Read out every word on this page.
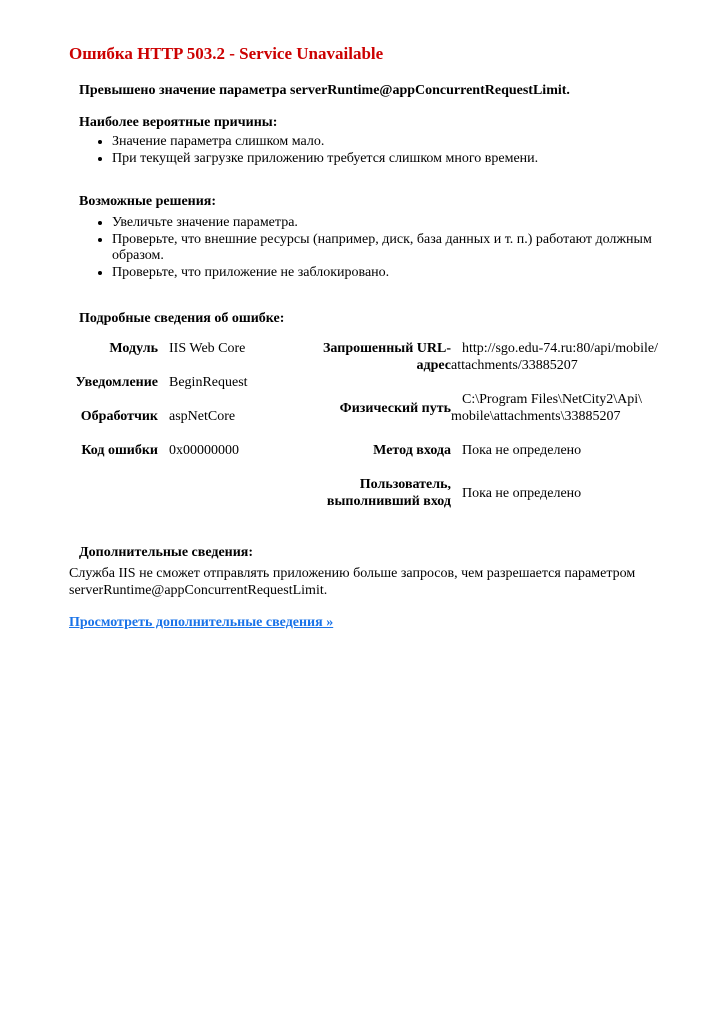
Ошибка HTTP 503.2 - Service Unavailable

Превышено значение параметра serverRuntime@appConcurrentRequestLimit.

Наиболее вероятные причины:

• Значение параметра слишком мало.
• При текущей загрузке приложению требуется слишком много времени.

Возможные решения:

• Увеличьте значение параметра.
• Проверьте, что внешние ресурсы (например, диск, база данных и т. п.) работают должным образом.
• Проверьте, что приложение не заблокировано.

Подробные сведения об ошибке:

Модуль IIS Web Core
Уведомление BeginRequest
Обработчик aspNetCore
Код ошибки 0x00000000
Запрошенный URL-
адрес
http://sgo.edu-74.ru:80/api/mobile/
attachments/33885207
Физический путь
C:\Program Files\NetCity2\Api\
mobile\attachments\33885207
Метод входа Пока не определено
Пользователь,
выполнивший вход
Пока не определено

Дополнительные сведения:

Служба IIS не сможет отправлять приложению больше запросов, чем разрешается параметром serverRuntime@appConcurrentRequestLimit.

Просмотреть дополнительные сведения »
